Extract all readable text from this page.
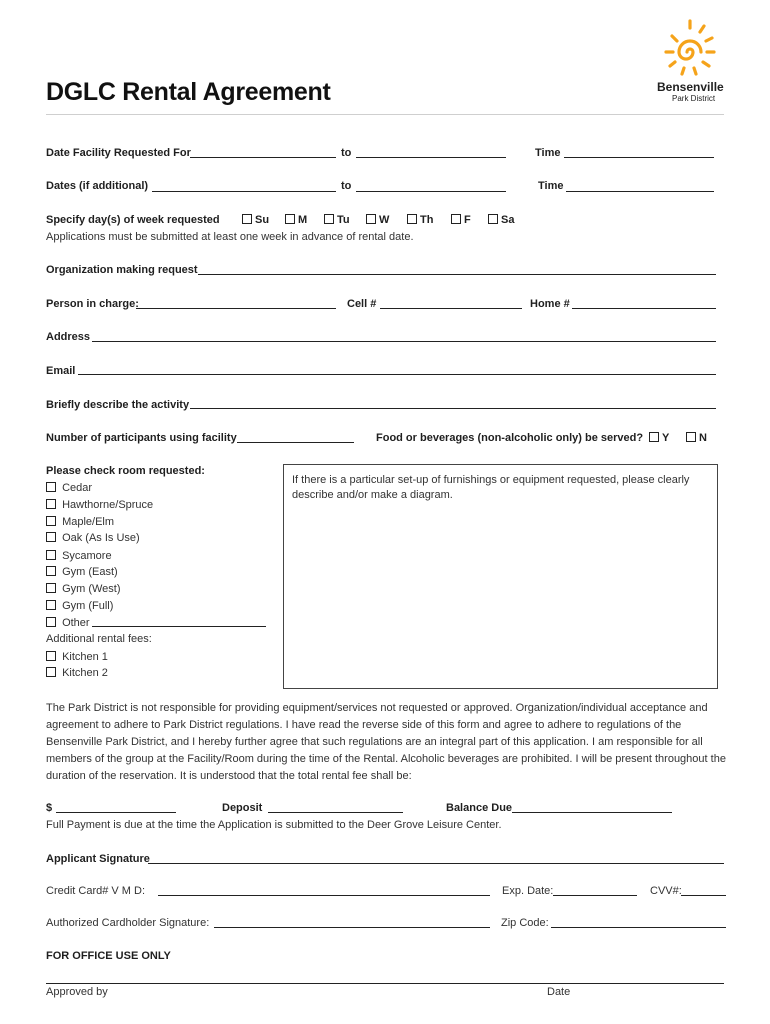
Bensenville
Park District
DGLC Rental Agreement
Date Facility Requested For	to	Time
Dates (if additional)	to	Time
Specify day(s) of week requested	Su	M	Tu	W	Th	F	Sa
Applications must be submitted at least one week in advance of rental date.
Organization making request
Person in charge:	Cell #	Home #
Address
Email
Briefly describe the activity
Number of participants using facility	Food or beverages (non-alcoholic only) be served?	Y	N
Please check room requested:
Cedar
Hawthorne/Spruce
Maple/Elm
Oak (As Is Use)
Sycamore
Gym (East)
Gym (West)
Gym (Full)
Other
Additional rental fees:
Kitchen 1
Kitchen 2
If there is a particular set-up of furnishings or equipment requested, please clearly describe and/or make a diagram.
The Park District is not responsible for providing equipment/services not requested or approved. Organization/individual acceptance and agreement to adhere to Park District regulations. I have read the reverse side of this form and agree to adhere to regulations of the Bensenville Park District, and I hereby further agree that such regulations are an integral part of this application. I am responsible for all members of the group at the Facility/Room during the time of the Rental. Alcoholic beverages are prohibited. I will be present throughout the duration of the reservation. It is understood that the total rental fee shall be:
$	Deposit	Balance Due
Full Payment is due at the time the Application is submitted to the Deer Grove Leisure Center.
Applicant Signature
Credit Card# V M D:	Exp. Date:	CVV#:
Authorized Cardholder Signature:	Zip Code:
FOR OFFICE USE ONLY
Approved by	Date
